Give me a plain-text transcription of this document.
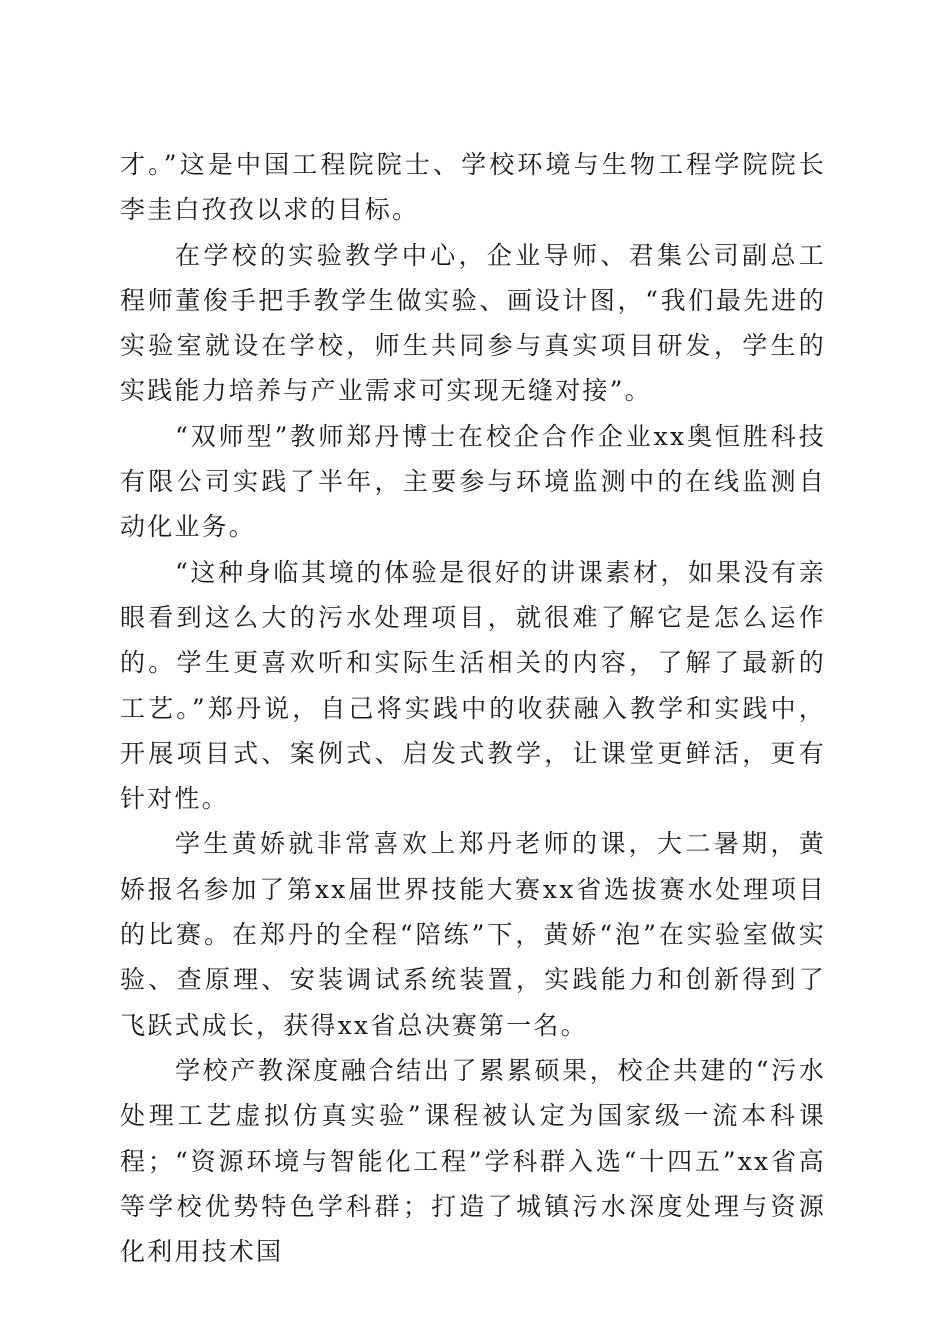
才。”这是中国工程院院士、学校环境与生物工程学院院长李圭白孜孜以求的目标。

在学校的实验教学中心，企业导师、君集公司副总工程师董俊手把手教学生做实验、画设计图，“我们最先进的实验室就设在学校，师生共同参与真实项目研发，学生的实践能力培养与产业需求可实现无缝对接”。

“双师型”教师郑丹博士在校企合作企业xx奥恒胜科技有限公司实践了半年，主要参与环境监测中的在线监测自动化业务。

“这种身临其境的体验是很好的讲课素材，如果没有亲眼看到这么大的污水处理项目，就很难了解它是怎么运作的。学生更喜欢听和实际生活相关的内容，了解了最新的工艺。”郑丹说，自己将实践中的收获融入教学和实践中，开展项目式、案例式、启发式教学，让课堂更鲜活，更有针对性。

学生黄娇就非常喜欢上郑丹老师的课，大二暑期，黄娇报名参加了第xx届世界技能大赛xx省选拔赛水处理项目的比赛。在郑丹的全程“陪练”下，黄娇“泡”在实验室做实验、查原理、安装调试系统装置，实践能力和创新得到了飞跃式成长，获得xx省总决赛第一名。

学校产教深度融合结出了累累硕果，校企共建的“污水处理工艺虚拟仿真实验”课程被认定为国家级一流本科课程；“资源环境与智能化工程”学科群入选“十四五”xx省高等学校优势特色学科群；打造了城镇污水深度处理与资源化利用技术国
